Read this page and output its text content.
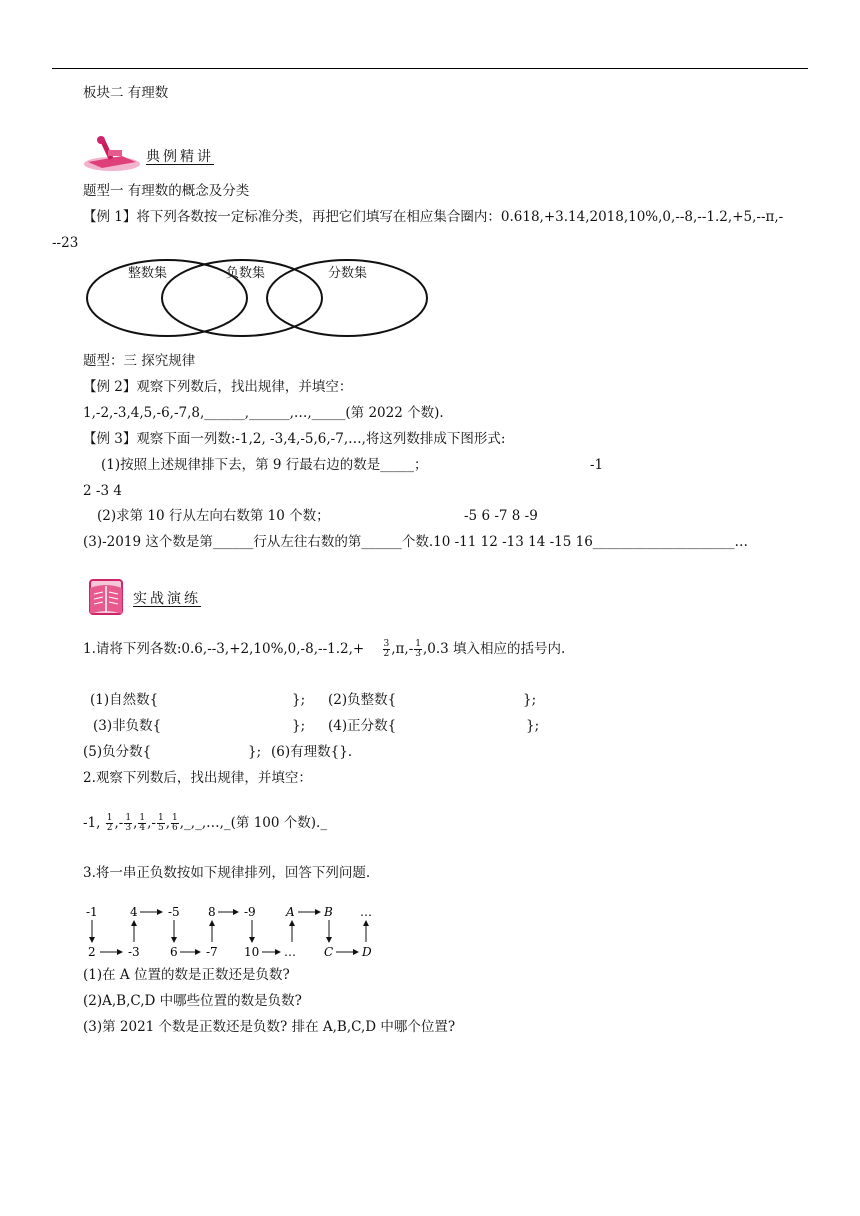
板块二 有理数
典例精讲
题型一 有理数的概念及分类
【例 1】将下列各数按一定标准分类，再把它们填写在相应集合圈内：0.618,+3.14,2018,10%,0,--8,--1.2,+5,--π,-
--23
整数集	负数集	分数集
题型：三 探究规律
【例 2】观察下列数后，找出规律，并填空：
1,-2,-3,4,5,-6,-7,8,______,______,…,_____(第 2022 个数).
【例 3】观察下面一列数:-1,2, -3,4,-5,6,-7,…,将这列数排成下图形式:
(1)按照上述规律排下去，第 9 行最右边的数是_____；	-1
2 -3 4
(2)求第 10 行从左向右数第 10 个数；	-5 6 -7 8 -9
(3)-2019 这个数是第______行从左往右数的第______个数.10 -11 12 -13 14 -15 16_____________________…
实战演练
1.请将下列各数:0.6,--3,+2,10%,0,-8,--1.2,+ $\frac{3}{2} ,\pi,- \frac{1}{3} ,0.3$ 填入相应的括号内.
(1)自然数{	}; (2)负整数{	};
(3)非负数{	}; (4)正分数{	};
(5)负分数{	}; (6)有理数{}.
2.观察下列数后，找出规律，并填空：
-1, $\frac{1}{2}$ ,- $\frac{1}{3}$ , $\frac{1}{4}$ ,- $\frac{1}{5}$ , $\frac{1}{6}$ ,_,_,…,_(第 100 个数)._
3.将一串正负数按如下规律排列，回答下列问题.
-1	4	-5 8 -9	A B …
2	-3	6 -7 10 … C D
(1)在 A 位置的数是正数还是负数?
(2)A,B,C,D 中哪些位置的数是负数?
(3)第 2021 个数是正数还是负数? 排在 A,B,C,D 中哪个位置?
